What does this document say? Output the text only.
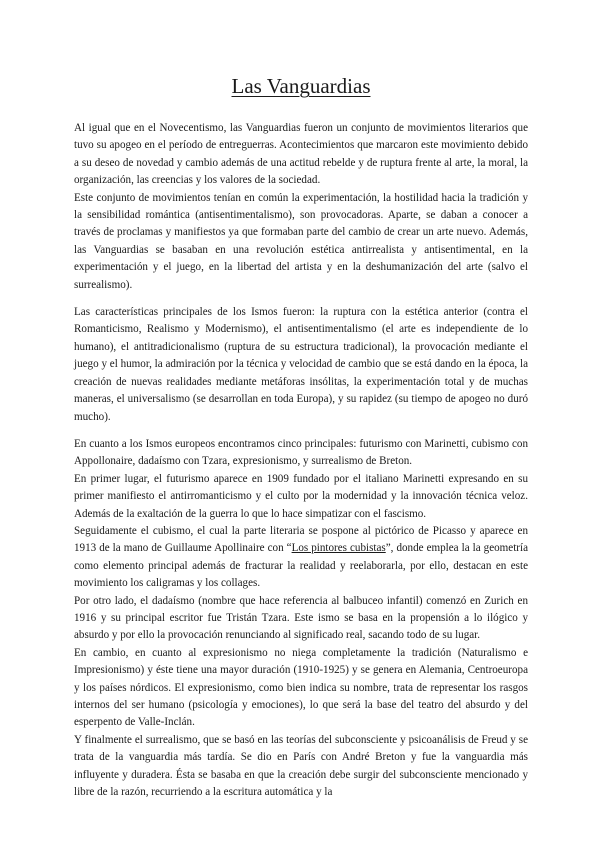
Las Vanguardias

Al igual que en el Novecentismo, las Vanguardias fueron un conjunto de movimientos literarios que tuvo su apogeo en el período de entreguerras. Acontecimientos que marcaron este movimiento debido a su deseo de novedad y cambio además de una actitud rebelde y de ruptura frente al arte, la moral, la organización, las creencias y los valores de la sociedad.

Este conjunto de movimientos tenían en común la experimentación, la hostilidad hacia la tradición y la sensibilidad romántica (antisentimentalismo), son provocadoras. Aparte, se daban a conocer a través de proclamas y manifiestos ya que formaban parte del cambio de crear un arte nuevo. Además, las Vanguardias se basaban en una revolución estética antirrealista y antisentimental, en la experimentación y el juego, en la libertad del artista y en la deshumanización del arte (salvo el surrealismo).

Las características principales de los Ismos fueron: la ruptura con la estética anterior (contra el Romanticismo, Realismo y Modernismo), el antisentimentalismo (el arte es independiente de lo humano), el antitradicionalismo (ruptura de su estructura tradicional), la provocación mediante el juego y el humor, la admiración por la técnica y velocidad de cambio que se está dando en la época, la creación de nuevas realidades mediante metáforas insólitas, la experimentación total y de muchas maneras, el universalismo (se desarrollan en toda Europa), y su rapidez (su tiempo de apogeo no duró mucho).

En cuanto a los Ismos europeos encontramos cinco principales: futurismo con Marinetti, cubismo con Appollonaire, dadaísmo con Tzara, expresionismo, y surrealismo de Breton.

En primer lugar, el futurismo aparece en 1909 fundado por el italiano Marinetti expresando en su primer manifiesto el antirromanticismo y el culto por la modernidad y la innovación técnica veloz. Además de la exaltación de la guerra lo que lo hace simpatizar con el fascismo.

Seguidamente el cubismo, el cual la parte literaria se pospone al pictórico de Picasso y aparece en 1913 de la mano de Guillaume Apollinaire con “Los pintores cubistas”, donde emplea la la geometría como elemento principal además de fracturar la realidad y reelaborarla, por ello, destacan en este movimiento los caligramas y los collages.

Por otro lado, el dadaísmo (nombre que hace referencia al balbuceo infantil) comenzó en Zurich en 1916 y su principal escritor fue Tristán Tzara. Este ismo se basa en la propensión a lo ilógico y absurdo y por ello la provocación renunciando al significado real, sacando todo de su lugar.

En cambio, en cuanto al expresionismo no niega completamente la tradición (Naturalismo e Impresionismo) y éste tiene una mayor duración (1910-1925) y se genera en Alemania, Centroeuropa y los países nórdicos. El expresionismo, como bien indica su nombre, trata de representar los rasgos internos del ser humano (psicología y emociones), lo que será la base del teatro del absurdo y del esperpento de Valle-Inclán.

Y finalmente el surrealismo, que se basó en las teorías del subconsciente y psicoanálisis de Freud y se trata de la vanguardia más tardía. Se dio en París con André Breton y fue la vanguardia más influyente y duradera. Ésta se basaba en que la creación debe surgir del subconsciente mencionado y libre de la razón, recurriendo a la escritura automática y la
